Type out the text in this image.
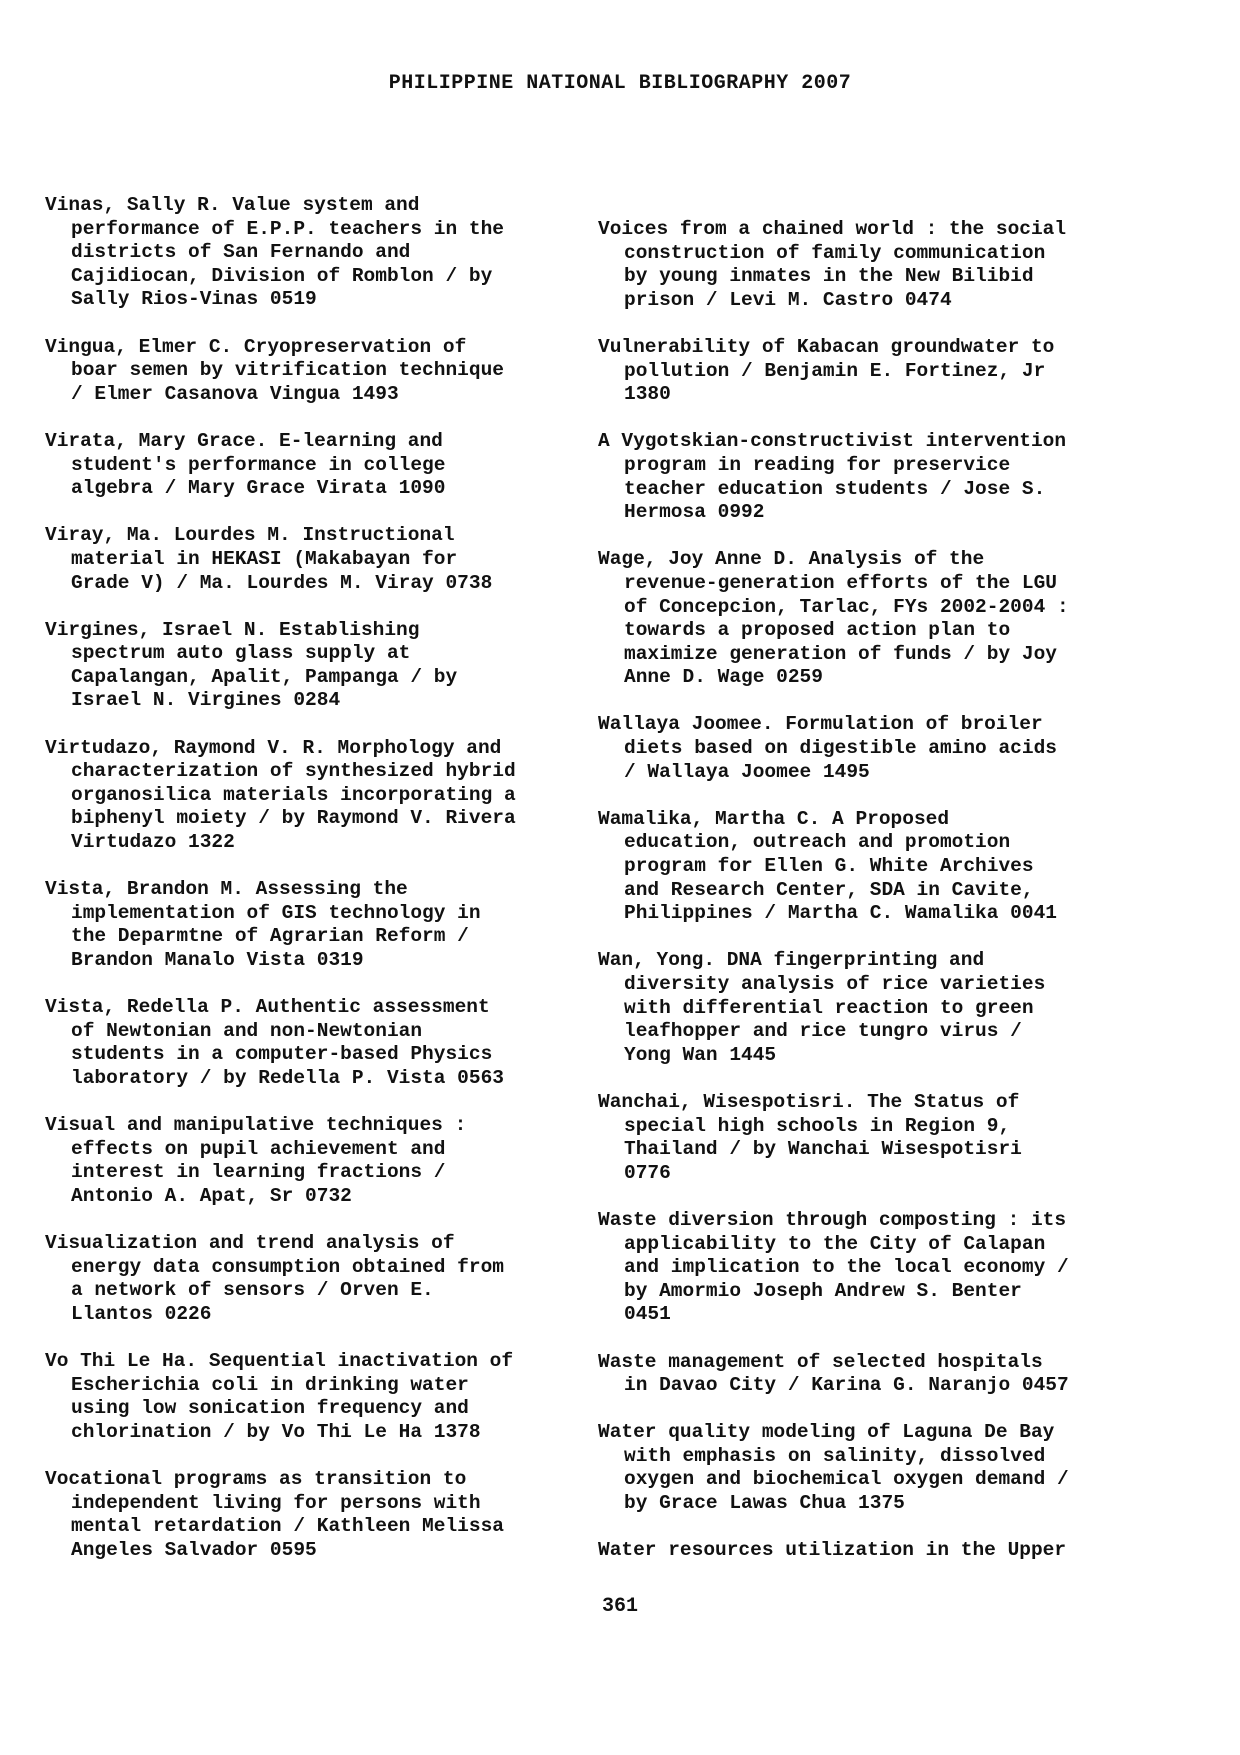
PHILIPPINE NATIONAL BIBLIOGRAPHY 2007

Vinas, Sally R. Value system and
performance of E.P.P. teachers in the
districts of San Fernando and
Cajidiocan, Division of Romblon / by
Sally Rios-Vinas 0519

Vingua, Elmer C. Cryopreservation of
boar semen by vitrification technique
/ Elmer Casanova Vingua 1493

Virata, Mary Grace. E-learning and
student's performance in college
algebra / Mary Grace Virata 1090

Viray, Ma. Lourdes M. Instructional
material in HEKASI (Makabayan for
Grade V) / Ma. Lourdes M. Viray 0738

Virgines, Israel N. Establishing
spectrum auto glass supply at
Capalangan, Apalit, Pampanga / by
Israel N. Virgines 0284

Virtudazo, Raymond V. R. Morphology and
characterization of synthesized hybrid
organosilica materials incorporating a
biphenyl moiety / by Raymond V. Rivera
Virtudazo 1322

Vista, Brandon M. Assessing the
implementation of GIS technology in
the Deparmtne of Agrarian Reform /
Brandon Manalo Vista 0319

Vista, Redella P. Authentic assessment
of Newtonian and non-Newtonian
students in a computer-based Physics
laboratory / by Redella P. Vista 0563

Visual and manipulative techniques :
effects on pupil achievement and
interest in learning fractions /
Antonio A. Apat, Sr 0732

Visualization and trend analysis of
energy data consumption obtained from
a network of sensors / Orven E.
Llantos 0226

Vo Thi Le Ha. Sequential inactivation of
Escherichia coli in drinking water
using low sonication frequency and
chlorination / by Vo Thi Le Ha 1378

Vocational programs as transition to
independent living for persons with
mental retardation / Kathleen Melissa
Angeles Salvador 0595

Voices from a chained world : the social
construction of family communication
by young inmates in the New Bilibid
prison / Levi M. Castro 0474

Vulnerability of Kabacan groundwater to
pollution / Benjamin E. Fortinez, Jr
1380

A Vygotskian-constructivist intervention
program in reading for preservice
teacher education students / Jose S.
Hermosa 0992

Wage, Joy Anne D. Analysis of the
revenue-generation efforts of the LGU
of Concepcion, Tarlac, FYs 2002-2004 :
towards a proposed action plan to
maximize generation of funds / by Joy
Anne D. Wage 0259

Wallaya Joomee. Formulation of broiler
diets based on digestible amino acids
/ Wallaya Joomee 1495

Wamalika, Martha C. A Proposed
education, outreach and promotion
program for Ellen G. White Archives
and Research Center, SDA in Cavite,
Philippines / Martha C. Wamalika 0041

Wan, Yong. DNA fingerprinting and
diversity analysis of rice varieties
with differential reaction to green
leafhopper and rice tungro virus /
Yong Wan 1445

Wanchai, Wisespotisri. The Status of
special high schools in Region 9,
Thailand / by Wanchai Wisespotisri
0776

Waste diversion through composting : its
applicability to the City of Calapan
and implication to the local economy /
by Amormio Joseph Andrew S. Benter
0451

Waste management of selected hospitals
in Davao City / Karina G. Naranjo 0457

Water quality modeling of Laguna De Bay
with emphasis on salinity, dissolved
oxygen and biochemical oxygen demand /
by Grace Lawas Chua 1375

Water resources utilization in the Upper

361
